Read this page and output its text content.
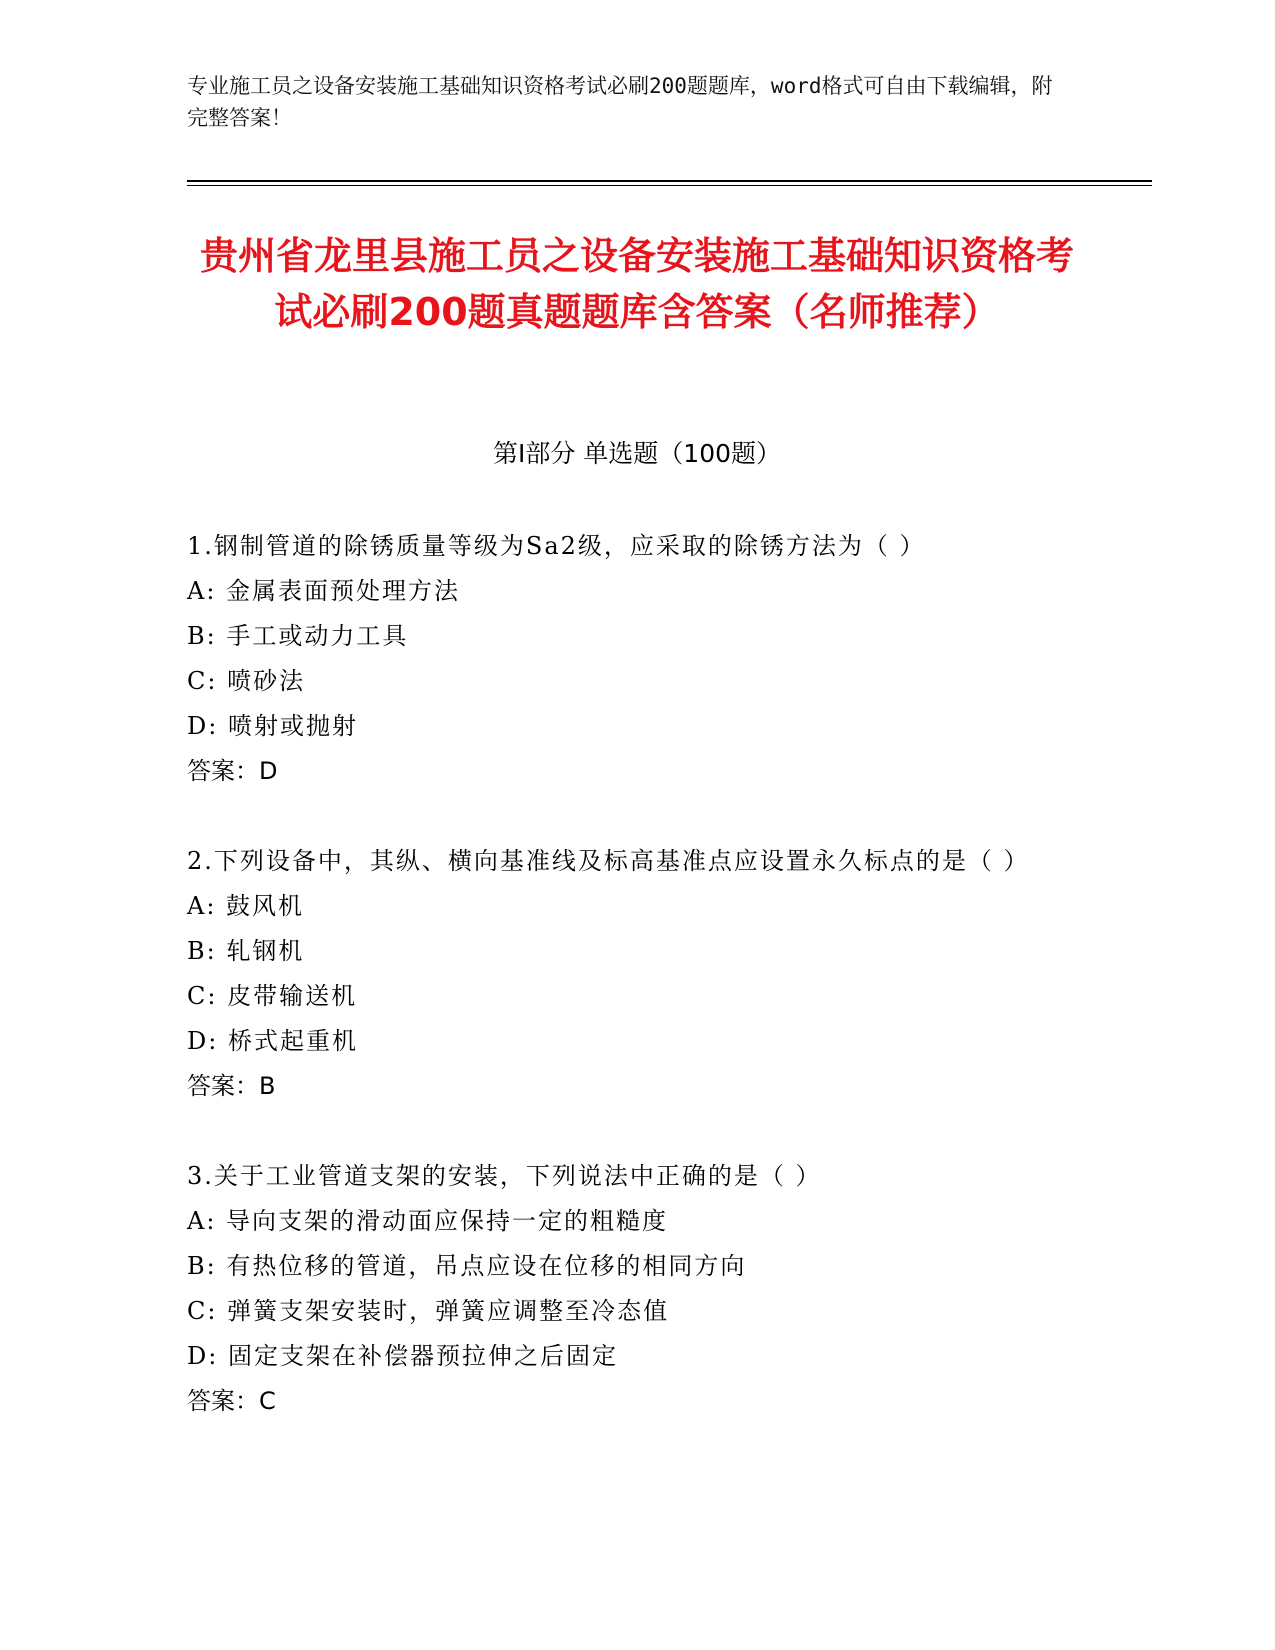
专业施工员之设备安装施工基础知识资格考试必刷200题题库，word格式可自由下载编辑，附完整答案！
贵州省龙里县施工员之设备安装施工基础知识资格考试必刷200题真题题库含答案（名师推荐）
第Ⅰ部分 单选题（100题）
1.钢制管道的除锈质量等级为Sa2级，应采取的除锈方法为（ ）
A: 金属表面预处理方法
B: 手工或动力工具
C: 喷砂法
D: 喷射或抛射
答案：D
2.下列设备中，其纵、横向基准线及标高基准点应设置永久标点的是（ ）
A: 鼓风机
B: 轧钢机
C: 皮带输送机
D: 桥式起重机
答案：B
3.关于工业管道支架的安装，下列说法中正确的是（ ）
A: 导向支架的滑动面应保持一定的粗糙度
B: 有热位移的管道，吊点应设在位移的相同方向
C: 弹簧支架安装时，弹簧应调整至冷态值
D: 固定支架在补偿器预拉伸之后固定
答案：C
